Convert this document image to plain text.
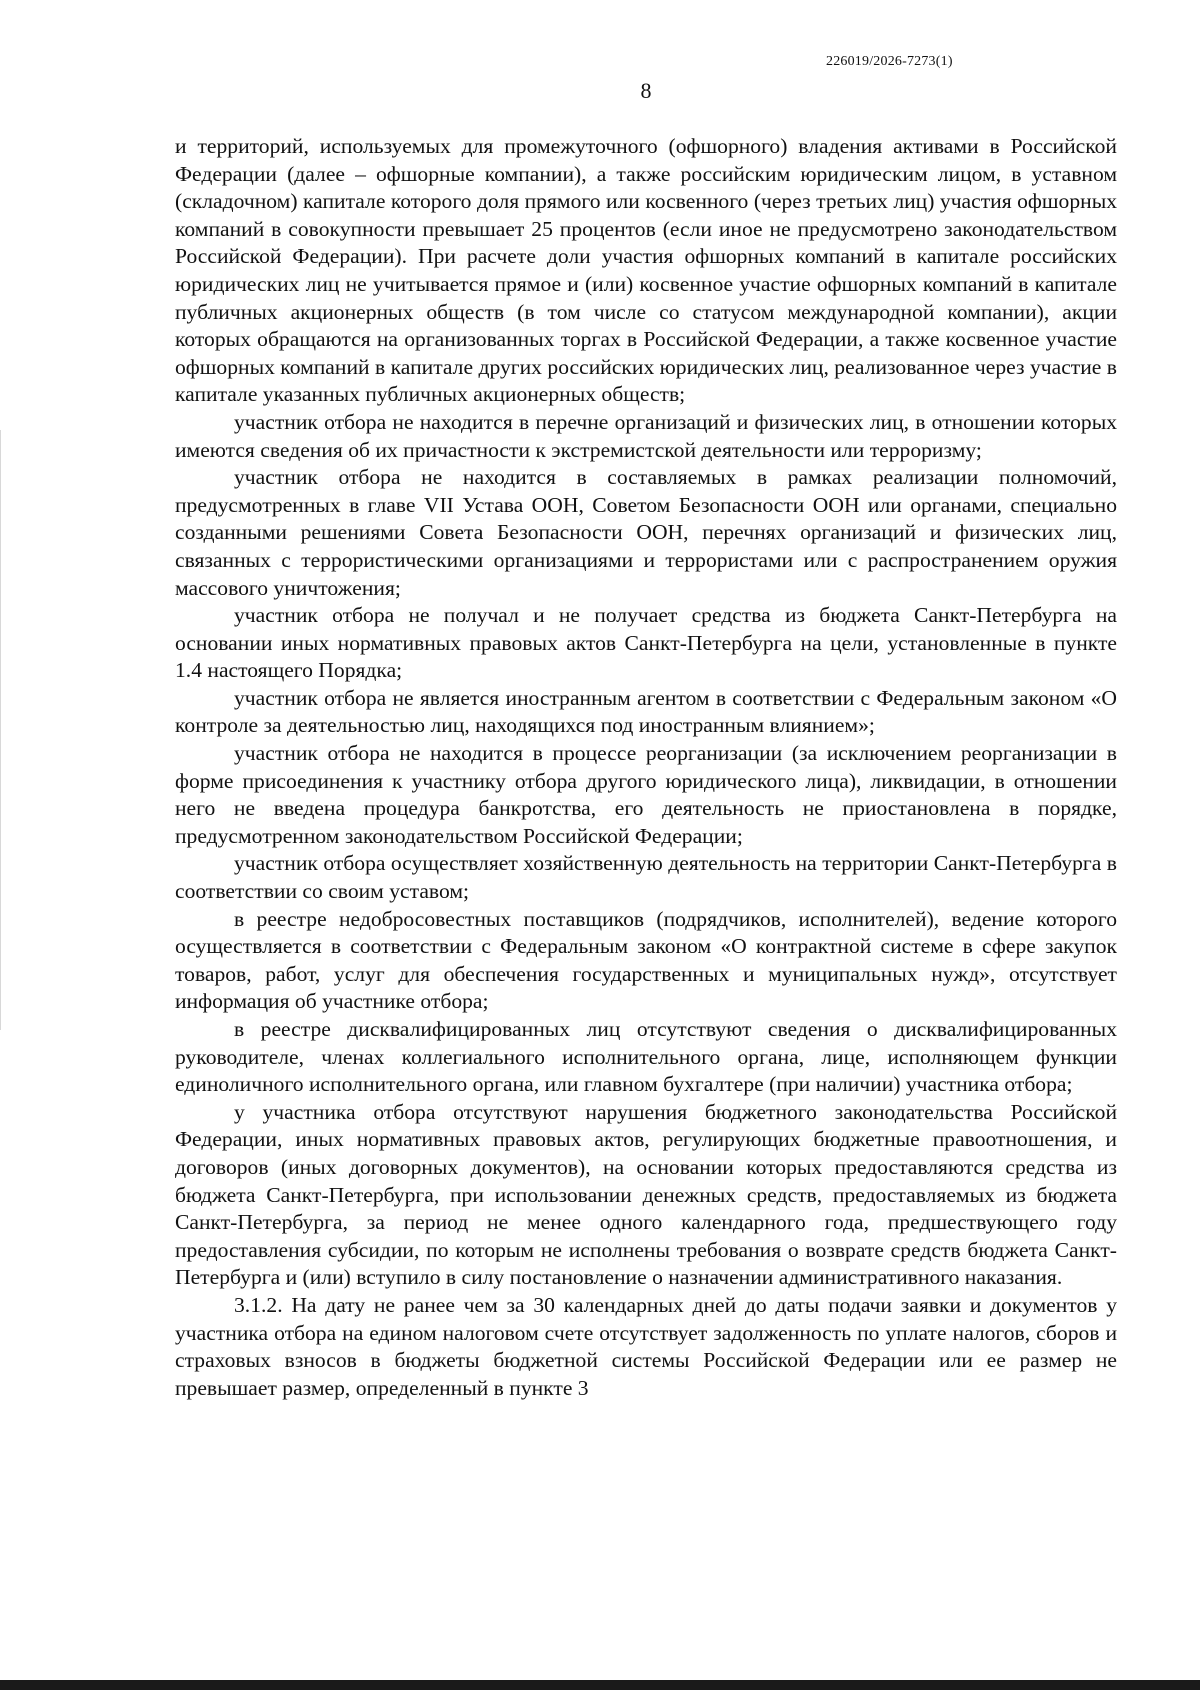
226019/2026-7273(1)
8

и территорий, используемых для промежуточного (офшорного) владения активами в Российской Федерации (далее – офшорные компании), а также российским юридическим лицом, в уставном (складочном) капитале которого доля прямого или косвенного (через третьих лиц) участия офшорных компаний в совокупности превышает 25 процентов (если иное не предусмотрено законодательством Российской Федерации). При расчете доли участия офшорных компаний в капитале российских юридических лиц не учитывается прямое и (или) косвенное участие офшорных компаний в капитале публичных акционерных обществ (в том числе со статусом международной компании), акции которых обращаются на организованных торгах в Российской Федерации, а также косвенное участие офшорных компаний в капитале других российских юридических лиц, реализованное через участие в капитале указанных публичных акционерных обществ;

участник отбора не находится в перечне организаций и физических лиц, в отношении которых имеются сведения об их причастности к экстремистской деятельности или терроризму;

участник отбора не находится в составляемых в рамках реализации полномочий, предусмотренных в главе VII Устава ООН, Советом Безопасности ООН или органами, специально созданными решениями Совета Безопасности ООН, перечнях организаций и физических лиц, связанных с террористическими организациями и террористами или с распространением оружия массового уничтожения;

участник отбора не получал и не получает средства из бюджета Санкт-Петербурга на основании иных нормативных правовых актов Санкт-Петербурга на цели, установленные в пункте 1.4 настоящего Порядка;

участник отбора не является иностранным агентом в соответствии с Федеральным законом «О контроле за деятельностью лиц, находящихся под иностранным влиянием»;

участник отбора не находится в процессе реорганизации (за исключением реорганизации в форме присоединения к участнику отбора другого юридического лица), ликвидации, в отношении него не введена процедура банкротства, его деятельность не приостановлена в порядке, предусмотренном законодательством Российской Федерации;

участник отбора осуществляет хозяйственную деятельность на территории Санкт-Петербурга в соответствии со своим уставом;

в реестре недобросовестных поставщиков (подрядчиков, исполнителей), ведение которого осуществляется в соответствии с Федеральным законом «О контрактной системе в сфере закупок товаров, работ, услуг для обеспечения государственных и муниципальных нужд», отсутствует информация об участнике отбора;

в реестре дисквалифицированных лиц отсутствуют сведения о дисквалифицированных руководителе, членах коллегиального исполнительного органа, лице, исполняющем функции единоличного исполнительного органа, или главном бухгалтере (при наличии) участника отбора;

у участника отбора отсутствуют нарушения бюджетного законодательства Российской Федерации, иных нормативных правовых актов, регулирующих бюджетные правоотношения, и договоров (иных договорных документов), на основании которых предоставляются средства из бюджета Санкт-Петербурга, при использовании денежных средств, предоставляемых из бюджета Санкт-Петербурга, за период не менее одного календарного года, предшествующего году предоставления субсидии, по которым не исполнены требования о возврате средств бюджета Санкт-Петербурга и (или) вступило в силу постановление о назначении административного наказания.

3.1.2. На дату не ранее чем за 30 календарных дней до даты подачи заявки и документов у участника отбора на едином налоговом счете отсутствует задолженность по уплате налогов, сборов и страховых взносов в бюджеты бюджетной системы Российской Федерации или ее размер не превышает размер, определенный в пункте 3
